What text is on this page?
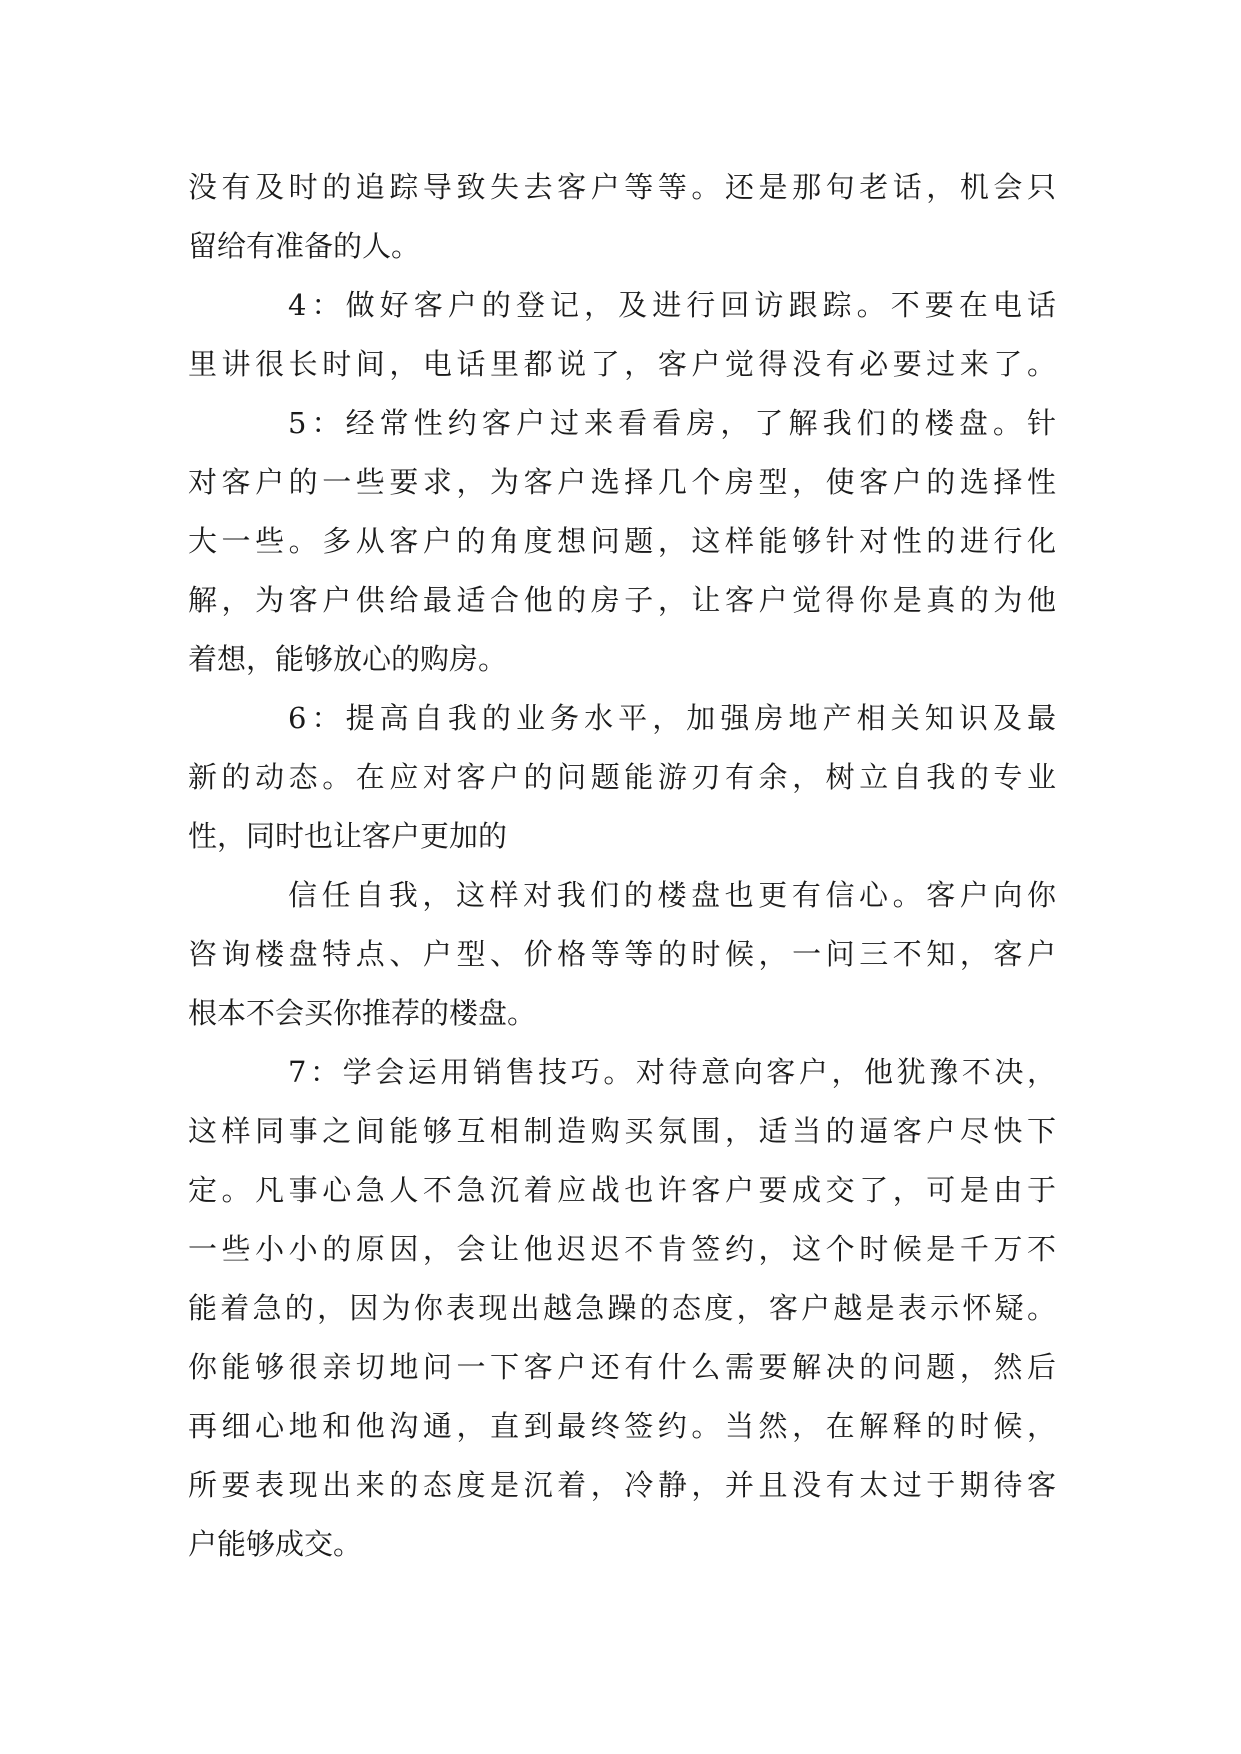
没有及时的追踪导致失去客户等等。还是那句老话，机会只
留给有准备的人。
4：做好客户的登记，及进行回访跟踪。不要在电话
里讲很长时间，电话里都说了，客户觉得没有必要过来了。
5：经常性约客户过来看看房，了解我们的楼盘。针
对客户的一些要求，为客户选择几个房型，使客户的选择性
大一些。多从客户的角度想问题，这样能够针对性的进行化
解，为客户供给最适合他的房子，让客户觉得你是真的为他
着想，能够放心的购房。
6：提高自我的业务水平，加强房地产相关知识及最
新的动态。在应对客户的问题能游刃有余，树立自我的专业
性，同时也让客户更加的
信任自我，这样对我们的楼盘也更有信心。客户向你
咨询楼盘特点、户型、价格等等的时候，一问三不知，客户
根本不会买你推荐的楼盘。
7：学会运用销售技巧。对待意向客户，他犹豫不决，
这样同事之间能够互相制造购买氛围，适当的逼客户尽快下
定。凡事心急人不急沉着应战也许客户要成交了，可是由于
一些小小的原因，会让他迟迟不肯签约，这个时候是千万不
能着急的，因为你表现出越急躁的态度，客户越是表示怀疑。
你能够很亲切地问一下客户还有什么需要解决的问题，然后
再细心地和他沟通，直到最终签约。当然，在解释的时候，
所要表现出来的态度是沉着，冷静，并且没有太过于期待客
户能够成交。
